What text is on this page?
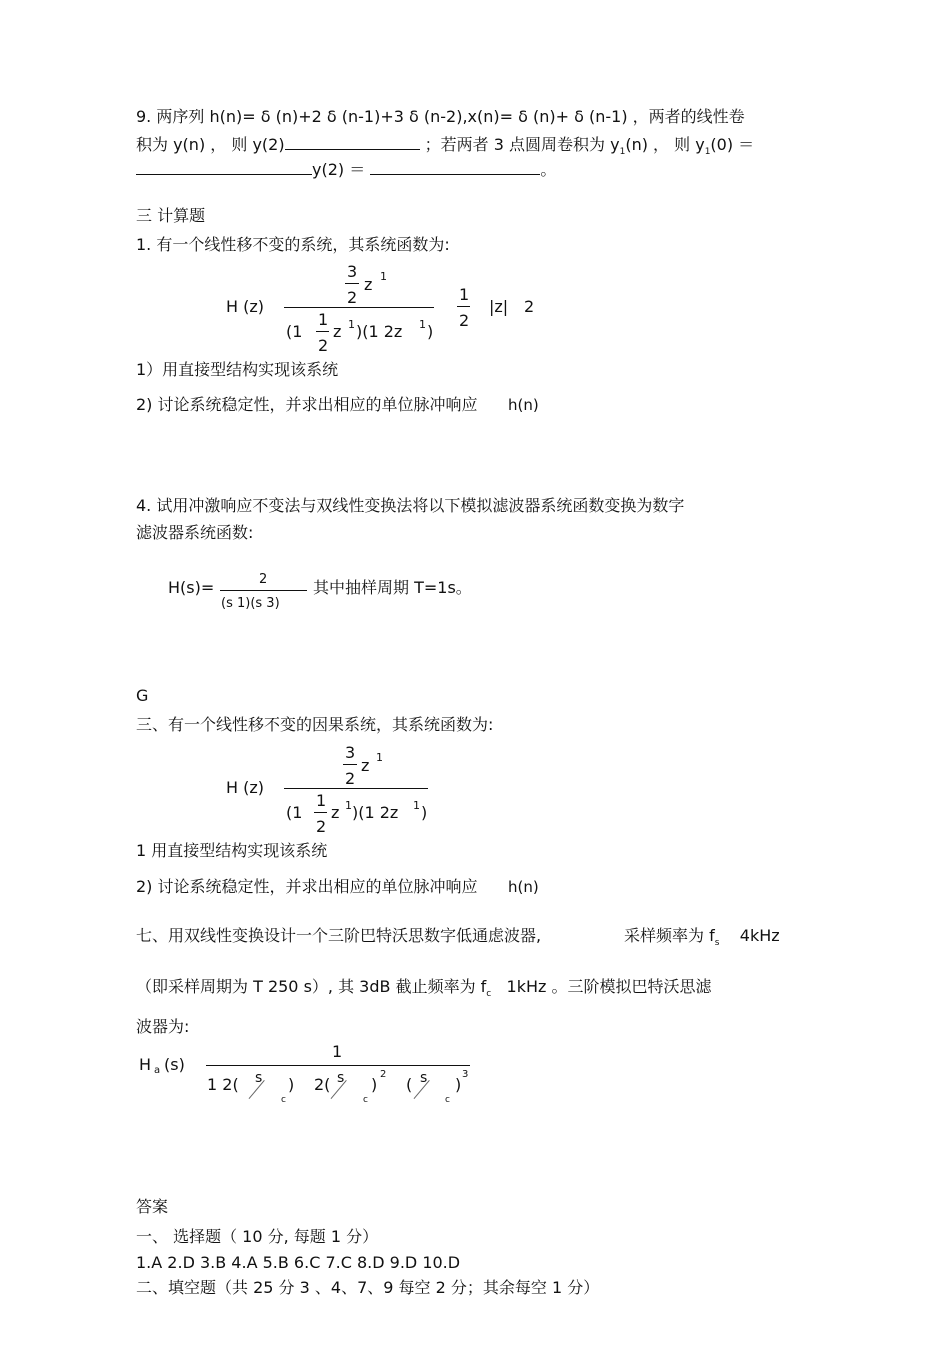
9. 两序列 h(n)= δ (n)+2 δ (n-1)+3 δ (n-2),x(n)= δ (n)+ δ (n-1) ，两者的线性卷
积为 y(n) ， 则 y(2)	；若两者 3 点圆周卷积为 $y_1(n)$ ， 则 $y_1(0)$ ＝
y(2) ＝	。
三 计算题
1. 有一个线性移不变的系统，其系统函数为:
H (z)
3
2
z 1
(1
1
2
z 1 )(1 2z 1 )
1
2
|z| 2
1）用直接型结构实现该系统
2) 讨论系统稳定性，并求出相应的单位脉冲响应 h(n)
4. 试用冲激响应不变法与双线性变换法将以下模拟滤波器系统函数变换为数字
滤波器系统函数:
H(s)=	2
(s 1)(s 3)
其中抽样周期 T=1s。
G
三、有一个线性移不变的因果系统，其系统函数为:
H (z)
3
2
z 1
(1
1
2
z 1 )(1 2z 1 )
1 用直接型结构实现该系统
2) 讨论系统稳定性，并求出相应的单位脉冲响应 h(n)
七、用双线性变换设计一个三阶巴特沃思数字低通虑波器,	采样频率为 $f_s$ 4kHz
（即采样周期为 T 250 s）, 其 3dB 截止频率为 $f_c$ 1kHz 。三阶模拟巴特沃思滤
波器为:
H a (s)
1
1 2( s
c
) 2( s
c
)
2
( s
c
)
3
答案
一、 选择题（ 10 分, 每题 1 分）
1.A 2.D 3.B 4.A 5.B 6.C 7.C 8.D 9.D 10.D
二、填空题（共 25 分 3 、4、7、9 每空 2 分；其余每空 1 分）
